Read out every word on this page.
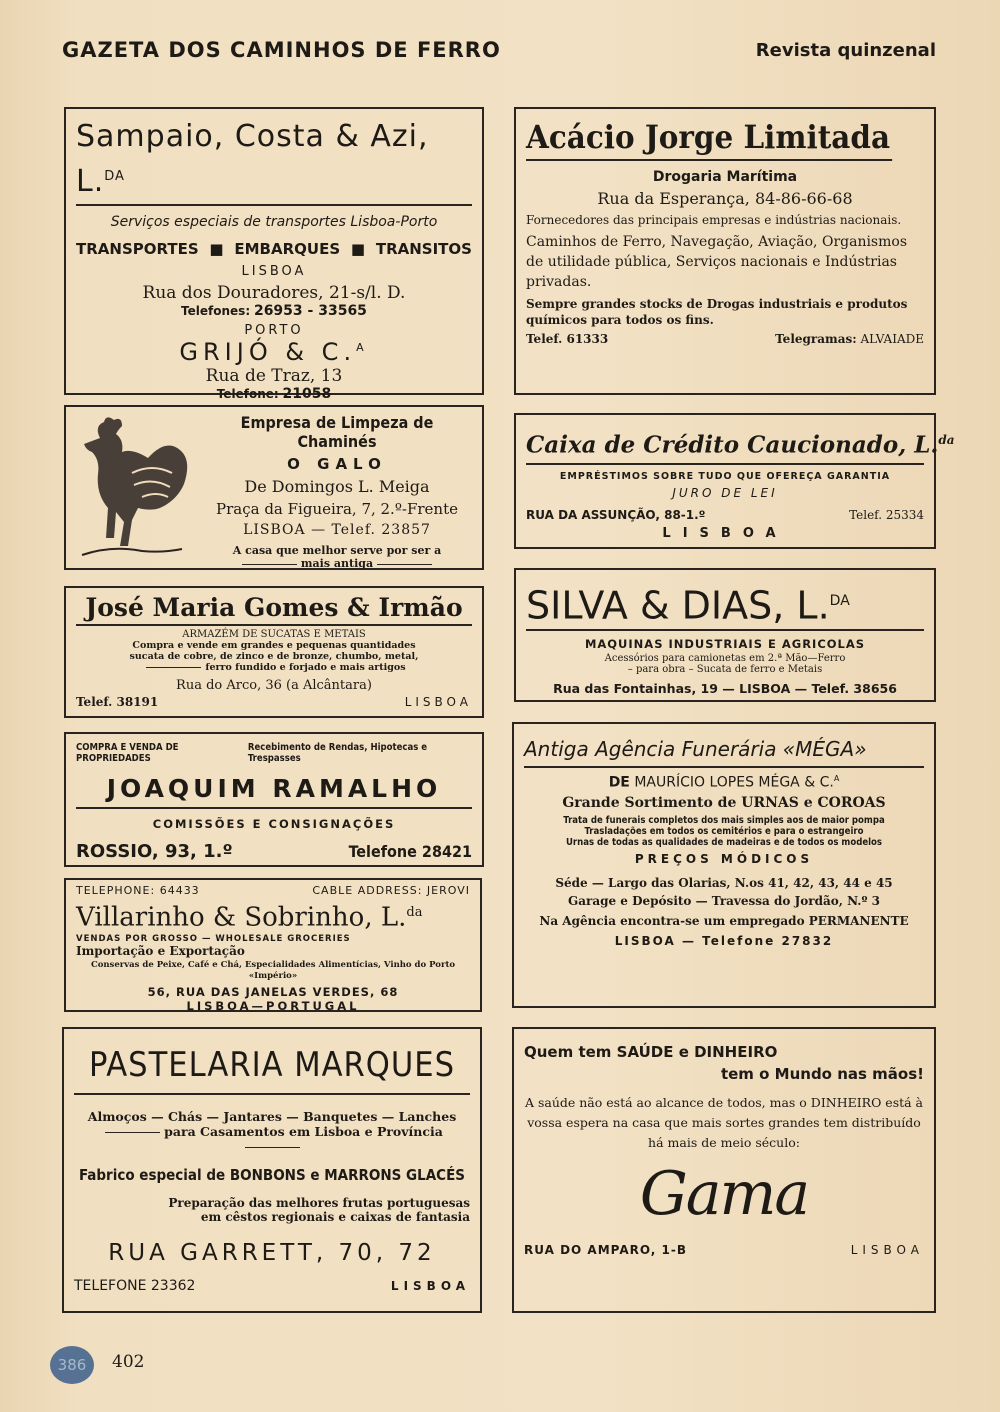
GAZETA DOS CAMINHOS DE FERRO	Revista quinzenal
Sampaio, Costa & Azi, L.$^{DA}$
Serviços especiais de transportes Lisboa-Porto
TRANSPORTES ■ EMBARQUES ■ TRANSITOS
LISBOA
Rua dos Douradores, 21-s/l. D.
Telefones: 26953 - 33565
PORTO
GRIJÓ & C.$^A$
Rua de Traz, 13
Telefone: 21058
Acácio Jorge Limitada
Drogaria Marítima
Rua da Esperança, 84-86-66-68
Fornecedores das principais empresas e indústrias nacionais.
Caminhos de Ferro, Navegação, Aviação, Organismos de utilidade pública, Serviços nacionais e Indústrias privadas.
Sempre grandes stocks de Drogas industriais e produtos químicos para todos os fins.
Telef. 61333	Telegramas: ALVAIADE
Empresa de Limpeza de Chaminés
O GALO
De Domingos L. Meiga
Praça da Figueira, 7, 2.º-Frente
LISBOA — Telef. 23857
A casa que melhor serve por ser a
mais antiga
Caixa de Crédito Caucionado, L.$^{da}$
EMPRÉSTIMOS SOBRE TUDO QUE OFEREÇA GARANTIA
JURO DE LEI
RUA DA ASSUNÇÃO, 88-1.º	Telef. 25334
LISBOA
José Maria Gomes & Irmão
ARMAZÉM DE SUCATAS E METAIS
Compra e vende em grandes e pequenas quantidades
sucata de cobre, de zinco e de bronze, chumbo, metal,
ferro fundido e forjado e mais artigos
Rua do Arco, 36 (a Alcântara)
Telef. 38191	LISBOA
SILVA & DIAS, L.$^{DA}$
MAQUINAS INDUSTRIAIS E AGRICOLAS
Acessórios para camionetas em 2.ª Mão—Ferro
– para obra – Sucata de ferro e Metais
Rua das Fontainhas, 19 — LISBOA — Telef. 38656
COMPRA E VENDA DE PROPRIEDADES
Recebimento de Rendas, Hipotecas e Trespasses
JOAQUIM RAMALHO
COMISSÕES E CONSIGNAÇÕES
ROSSIO, 93, 1.º	Telefone 28421
Antiga Agência Funerária «MÉGA»
DE MAURÍCIO LOPES MÉGA & C.$^A$
Grande Sortimento de URNAS e COROAS
Trata de funerais completos dos mais simples aos de maior pompa
Trasladações em todos os cemitérios e para o estrangeiro
Urnas de todas as qualidades de madeiras e de todos os modelos
PREÇOS MÓDICOS
Séde — Largo das Olarias, N.os 41, 42, 43, 44 e 45
Garage e Depósito — Travessa do Jordão, N.º 3
Na Agência encontra-se um empregado PERMANENTE
LISBOA — Telefone 27832
TELEPHONE: 64433	CABLE ADDRESS: JEROVI
Villarinho & Sobrinho, L.$^{da}$
VENDAS POR GROSSO — WHOLESALE GROCERIES
Importação e Exportação
Conservas de Peixe, Café e Chá, Especialidades Alimentícias, Vinho do Porto «Império»
56, RUA DAS JANELAS VERDES, 68
LISBOA—PORTUGAL
PASTELARIA MARQUES
Almoços — Chás — Jantares — Banquetes — Lanches
para Casamentos em Lisboa e Província
Fabrico especial de BONBONS e MARRONS GLACÉS
Preparação das melhores frutas portuguesas
em cêstos regionais e caixas de fantasia
RUA GARRETT, 70, 72
TELEFONE 23362	LISBOA
Quem tem SAÚDE e DINHEIRO
tem o Mundo nas mãos!
A saúde não está ao alcance de todos, mas o DINHEIRO está à vossa espera na casa que mais sortes grandes tem distribuído há mais de meio século:
Gama
RUA DO AMPARO, 1-B	LISBOA
386	402
